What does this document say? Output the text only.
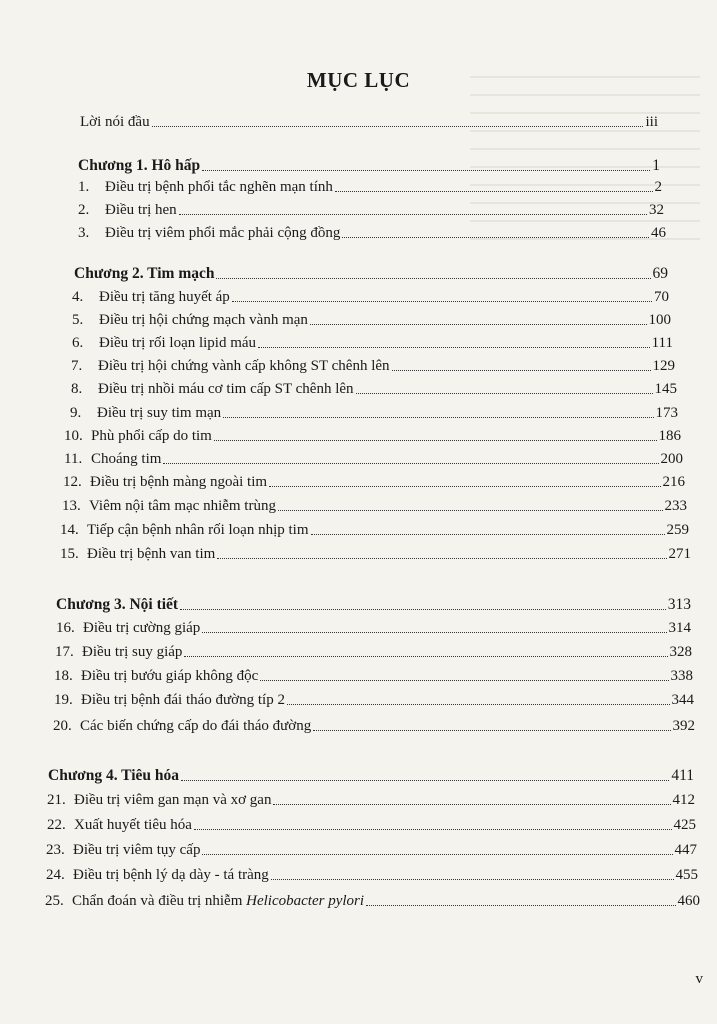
MỤC LỤC
Lời nói đầu	iii
Chương 1. Hô hấp	1
1.	Điều trị bệnh phổi tắc nghẽn mạn tính	2
2.	Điều trị hen	32
3.	Điều trị viêm phổi mắc phải cộng đồng	46
Chương 2. Tim mạch	69
4.	Điều trị tăng huyết áp	70
5.	Điều trị hội chứng mạch vành mạn	100
6.	Điều trị rối loạn lipid máu	111
7.	Điều trị hội chứng vành cấp không ST chênh lên	129
8.	Điều trị nhồi máu cơ tim cấp ST chênh lên	145
9.	Điều trị suy tim mạn	173
10. Phù phổi cấp do tim	186
11. Choáng tim	200
12. Điều trị bệnh màng ngoài tim	216
13. Viêm nội tâm mạc nhiễm trùng	233
14. Tiếp cận bệnh nhân rối loạn nhịp tim	259
15. Điều trị bệnh van tim	271
Chương 3. Nội tiết	313
16. Điều trị cường giáp	314
17. Điều trị suy giáp	328
18. Điều trị bướu giáp không độc	338
19. Điều trị bệnh đái tháo đường típ 2	344
20. Các biến chứng cấp do đái tháo đường	392
Chương 4. Tiêu hóa	411
21. Điều trị viêm gan mạn và xơ gan	412
22. Xuất huyết tiêu hóa	425
23. Điều trị viêm tụy cấp	447
24. Điều trị bệnh lý dạ dày - tá tràng	455
25. Chẩn đoán và điều trị nhiễm Helicobacter pylori	460
v
